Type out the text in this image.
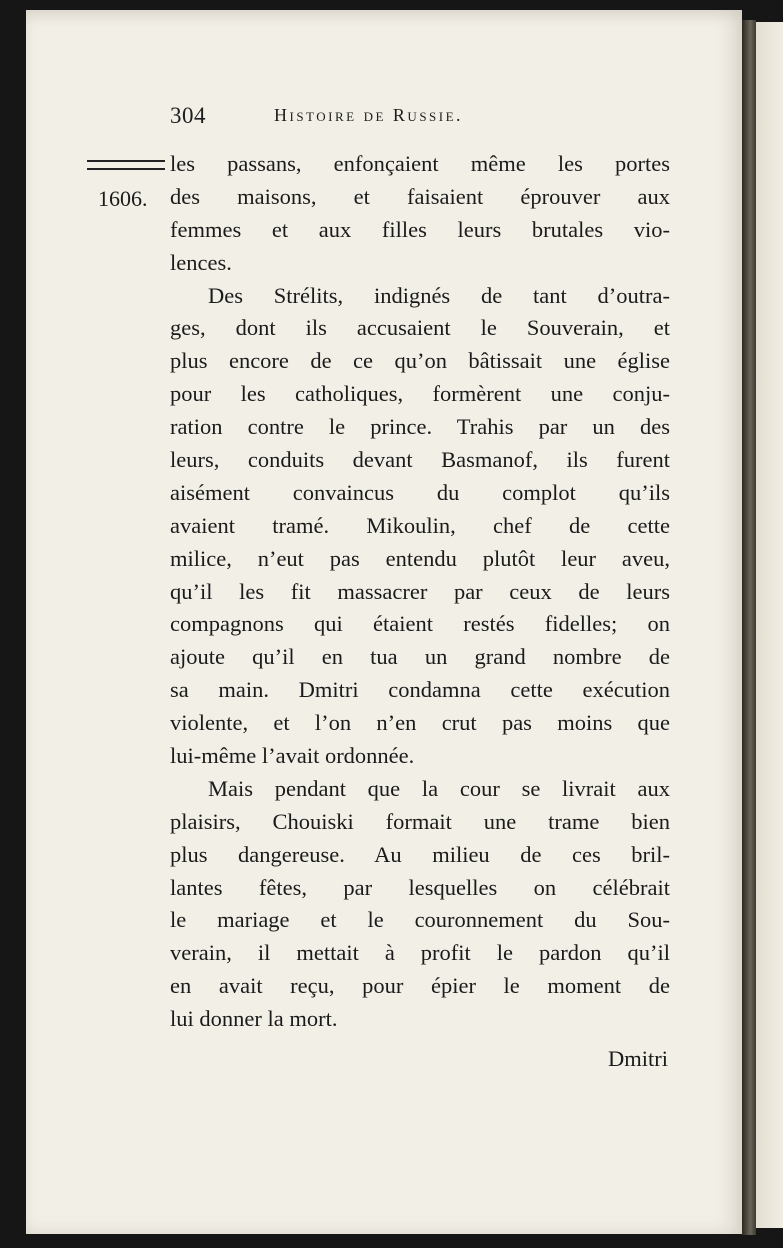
304	Histoire de Russie.
1606.
les passans, enfonçaient même les portes
des maisons, et faisaient éprouver aux
femmes et aux filles leurs brutales vio-
lences.
Des Strélits, indignés de tant d’outra-
ges, dont ils accusaient le Souverain, et
plus encore de ce qu’on bâtissait une église
pour les catholiques, formèrent une conju-
ration contre le prince. Trahis par un des
leurs, conduits devant Basmanof, ils furent
aisément convaincus du complot qu’ils
avaient tramé. Mikoulin, chef de cette
milice, n’eut pas entendu plutôt leur aveu,
qu’il les fit massacrer par ceux de leurs
compagnons qui étaient restés fidelles; on
ajoute qu’il en tua un grand nombre de
sa main. Dmitri condamna cette exécution
violente, et l’on n’en crut pas moins que
lui-même l’avait ordonnée.
Mais pendant que la cour se livrait aux
plaisirs, Chouiski formait une trame bien
plus dangereuse. Au milieu de ces bril-
lantes fêtes, par lesquelles on célébrait
le mariage et le couronnement du Sou-
verain, il mettait à profit le pardon qu’il
en avait reçu, pour épier le moment de
lui donner la mort.
Dmitri
